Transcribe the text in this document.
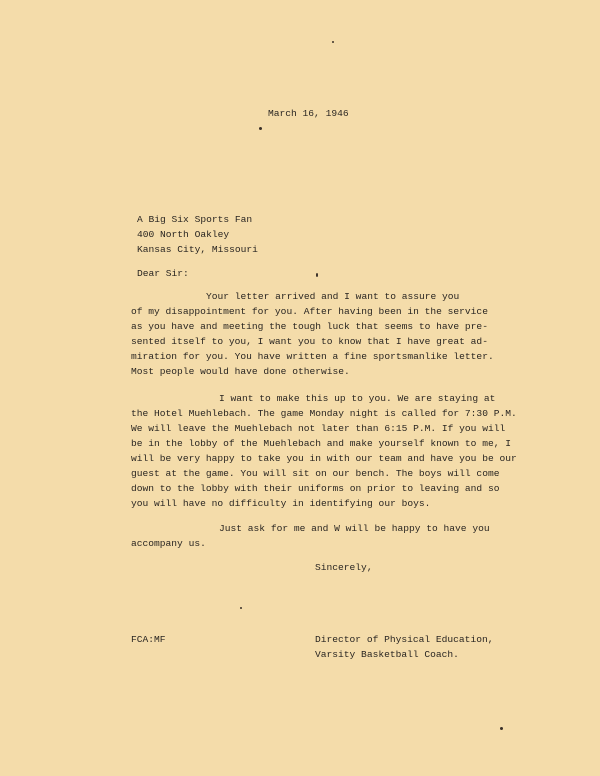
March 16, 1946
A Big Six Sports Fan
400 North Oakley
Kansas City, Missouri
Dear Sir:
Your letter arrived and I want to assure you
of my disappointment for you. After having been in the service
as you have and meeting the tough luck that seems to have pre-
sented itself to you, I want you to know that I have great ad-
miration for you. You have written a fine sportsmanlike letter.
Most people would have done otherwise.
I want to make this up to you. We are staying at
the Hotel Muehlebach. The game Monday night is called for 7:30 P.M.
We will leave the Muehlebach not later than 6:15 P.M. If you will
be in the lobby of the Muehlebach and make yourself known to me, I
will be very happy to take you in with our team and have you be our
guest at the game. You will sit on our bench. The boys will come
down to the lobby with their uniforms on prior to leaving and so
you will have no difficulty in identifying our boys.
Just ask for me and W will be happy to have you
accompany us.
Sincerely,
FCA:MF	Director of Physical Education,
Varsity Basketball Coach.
